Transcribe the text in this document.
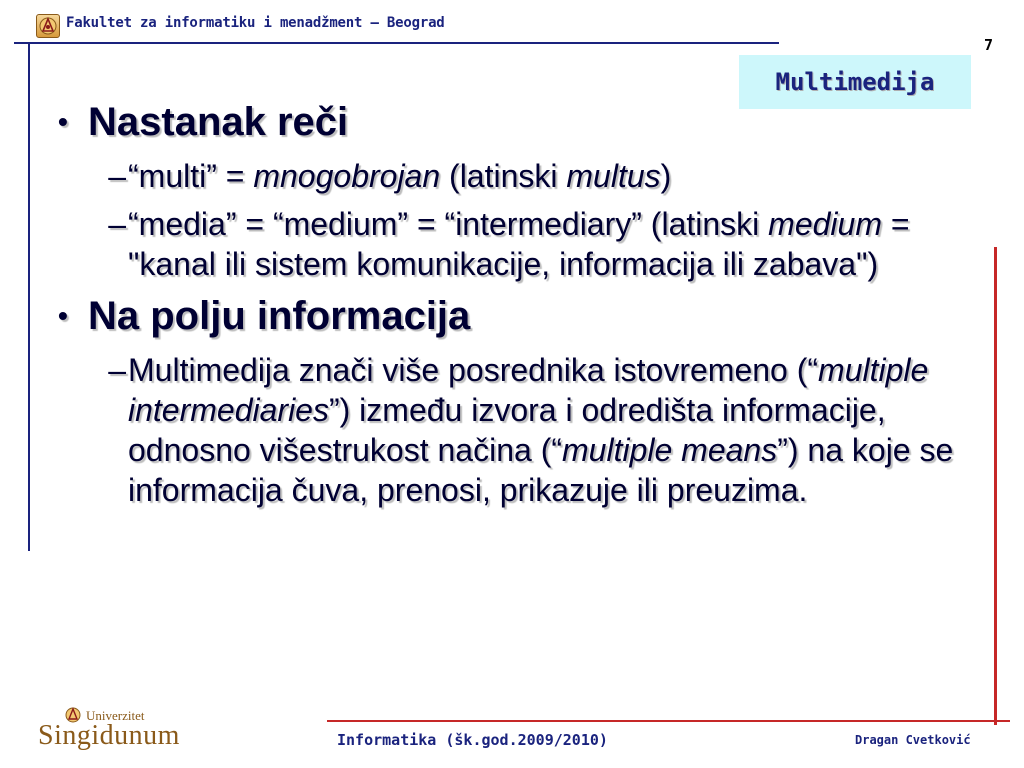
Fakultet za informatiku i menadžment – Beograd
7
Multimedija
• Nastanak reči
– “multi” = mnogobrojan (latinski multus)
– “media” = “medium” = “intermediary” (latinski medium = "kanal ili sistem komunikacije, informacija ili zabava")
• Na polju informacija
– Multimedija znači više posrednika istovremeno (“multiple intermediaries”) između izvora i odredišta informacije, odnosno višestrukost načina (“multiple means”) na koje se informacija čuva, prenosi, prikazuje ili preuzima.
Univerzitet
Singidunum	Informatika (šk.god.2009/2010)	Dragan Cvetković
